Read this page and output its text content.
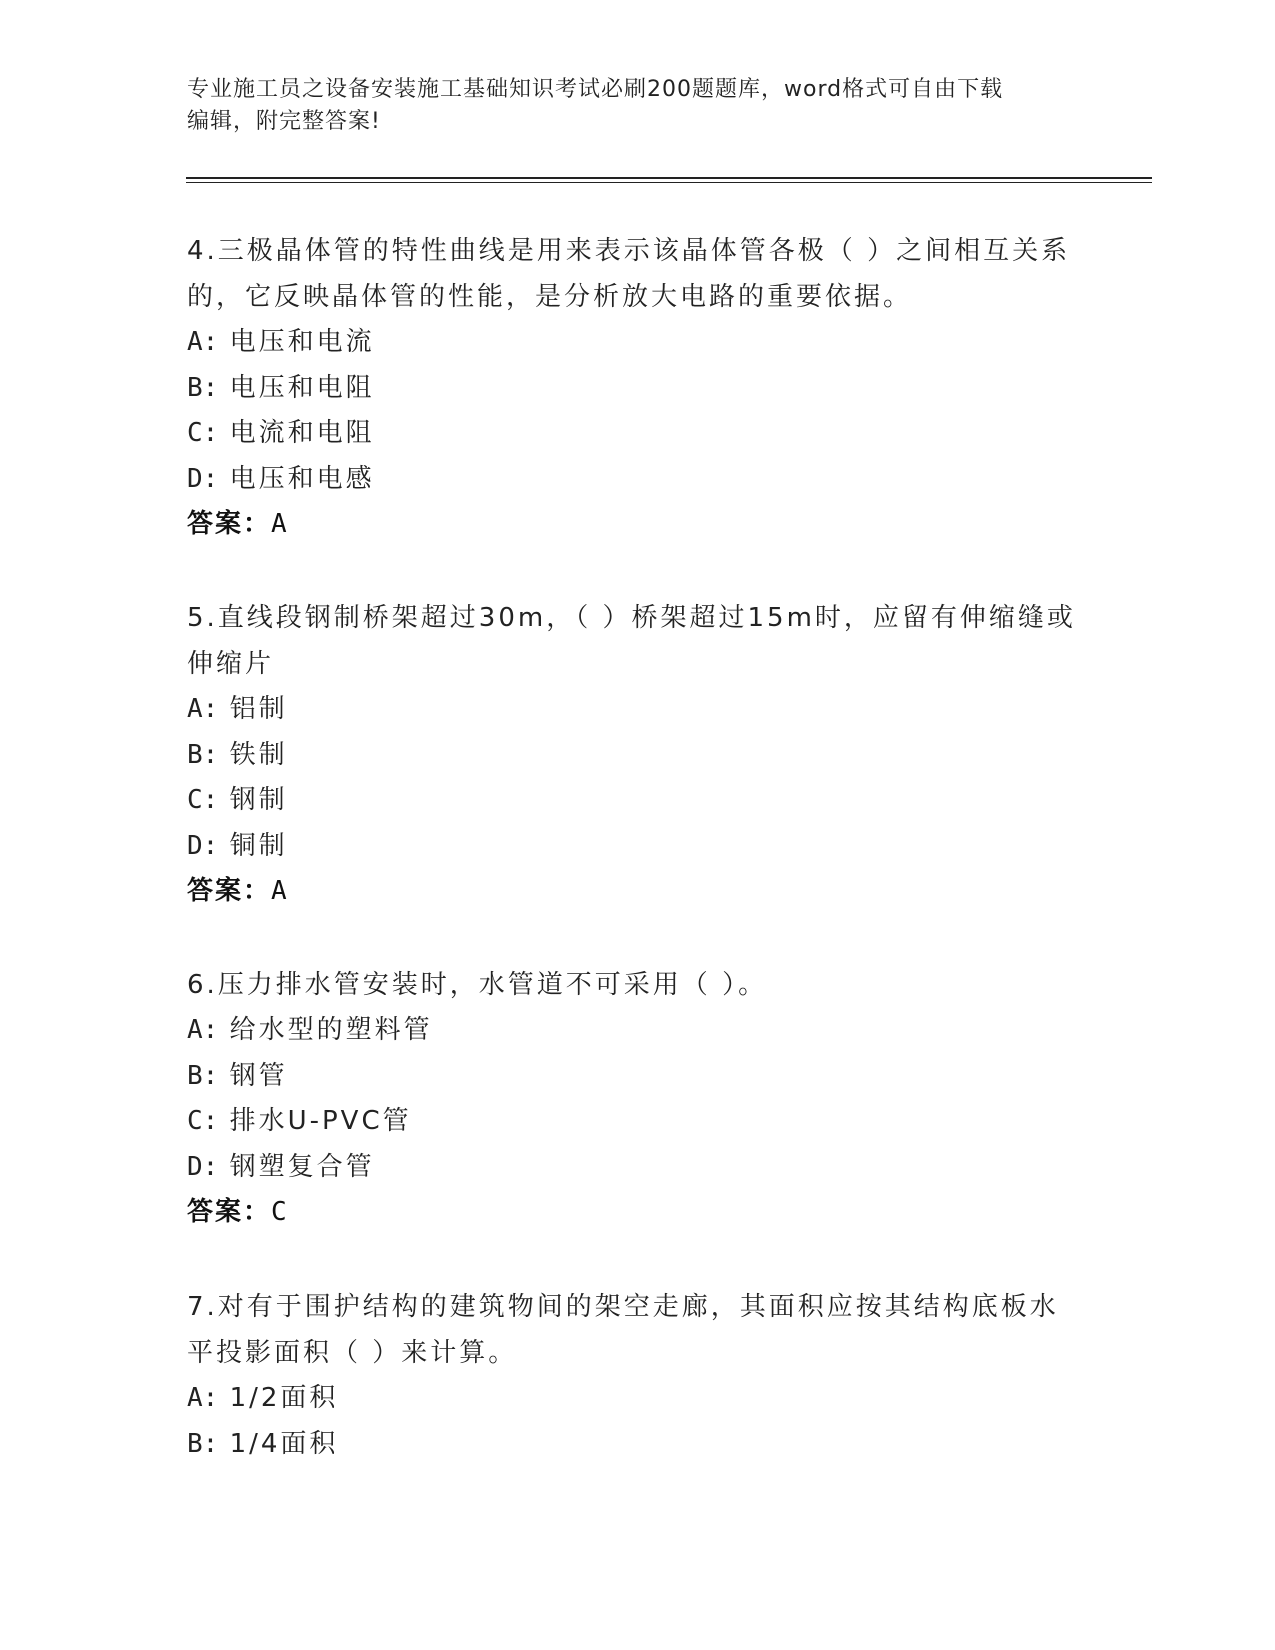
专业施工员之设备安装施工基础知识考试必刷200题题库，word格式可自由下载
编辑，附完整答案!

4.三极晶体管的特性曲线是用来表示该晶体管各极（ ）之间相互关系

的，它反映晶体管的性能，是分析放大电路的重要依据。

A: 电压和电流

B: 电压和电阻

C: 电流和电阻

D: 电压和电感

答案：A

5.直线段钢制桥架超过30m，（ ）桥架超过15m时，应留有伸缩缝或

伸缩片

A: 铝制

B: 铁制

C: 钢制

D: 铜制

答案：A

6.压力排水管安装时，水管道不可采用（ ）。

A: 给水型的塑料管

B: 钢管

C: 排水U-PVC管

D: 钢塑复合管

答案：C

7.对有于围护结构的建筑物间的架空走廊，其面积应按其结构底板水

平投影面积（ ）来计算。

A: 1/2面积

B: 1/4面积
